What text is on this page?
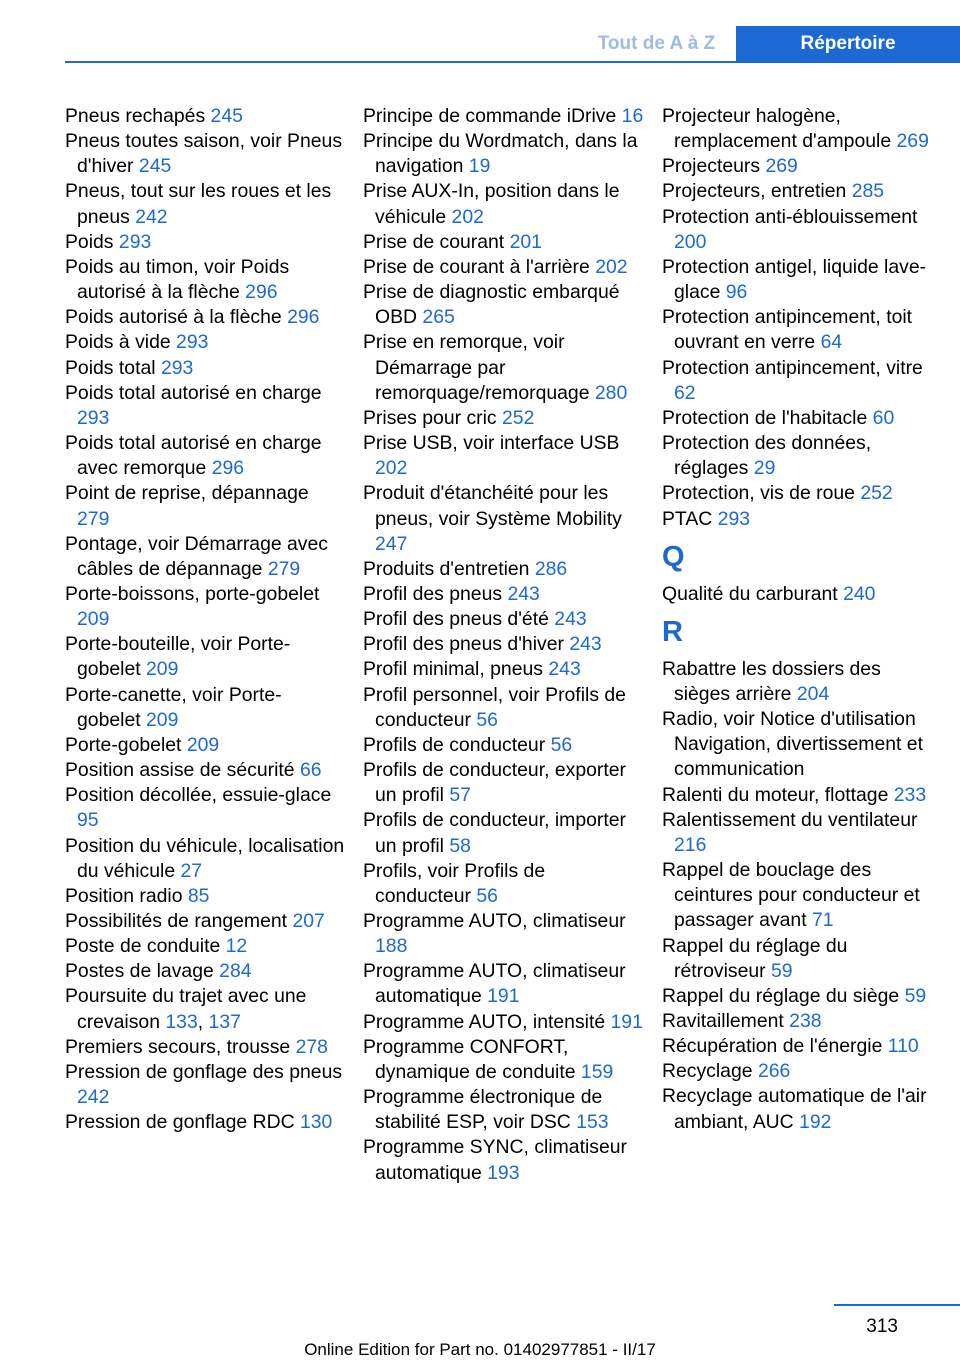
Tout de A à Z	Répertoire
Pneus rechapés 245
Pneus toutes saison, voir Pneus d'hiver 245
Pneus, tout sur les roues et les pneus 242
Poids 293
Poids au timon, voir Poids autorisé à la flèche 296
Poids autorisé à la flèche 296
Poids à vide 293
Poids total 293
Poids total autorisé en charge 293
Poids total autorisé en charge avec remorque 296
Point de reprise, dépannage 279
Pontage, voir Démarrage avec câbles de dépannage 279
Porte-boissons, porte-gobelet 209
Porte-bouteille, voir Porte-gobelet 209
Porte-canette, voir Porte-gobelet 209
Porte-gobelet 209
Position assise de sécurité 66
Position décollée, essuie-glace 95
Position du véhicule, localisation du véhicule 27
Position radio 85
Possibilités de rangement 207
Poste de conduite 12
Postes de lavage 284
Poursuite du trajet avec une crevaison 133, 137
Premiers secours, trousse 278
Pression de gonflage des pneus 242
Pression de gonflage RDC 130
Principe de commande iDrive 16
Principe du Wordmatch, dans la navigation 19
Prise AUX-In, position dans le véhicule 202
Prise de courant 201
Prise de courant à l'arrière 202
Prise de diagnostic embarqué OBD 265
Prise en remorque, voir Démarrage par remorquage/remorquage 280
Prises pour cric 252
Prise USB, voir interface USB 202
Produit d'étanchéité pour les pneus, voir Système Mobility 247
Produits d'entretien 286
Profil des pneus 243
Profil des pneus d'été 243
Profil des pneus d'hiver 243
Profil minimal, pneus 243
Profil personnel, voir Profils de conducteur 56
Profils de conducteur 56
Profils de conducteur, exporter un profil 57
Profils de conducteur, importer un profil 58
Profils, voir Profils de conducteur 56
Programme AUTO, climatiseur 188
Programme AUTO, climatiseur automatique 191
Programme AUTO, intensité 191
Programme CONFORT, dynamique de conduite 159
Programme électronique de stabilité ESP, voir DSC 153
Programme SYNC, climatiseur automatique 193
Projecteur halogène, remplacement d'ampoule 269
Projecteurs 269
Projecteurs, entretien 285
Protection anti-éblouissement 200
Protection antigel, liquide lave-glace 96
Protection antipincement, toit ouvrant en verre 64
Protection antipincement, vitre 62
Protection de l'habitacle 60
Protection des données, réglages 29
Protection, vis de roue 252
PTAC 293
Q
Qualité du carburant 240
R
Rabattre les dossiers des sièges arrière 204
Radio, voir Notice d'utilisation Navigation, divertissement et communication
Ralenti du moteur, flottage 233
Ralentissement du ventilateur 216
Rappel de bouclage des ceintures pour conducteur et passager avant 71
Rappel du réglage du rétroviseur 59
Rappel du réglage du siège 59
Ravitaillement 238
Récupération de l'énergie 110
Recyclage 266
Recyclage automatique de l'air ambiant, AUC 192
313
Online Edition for Part no. 01402977851 - II/17
